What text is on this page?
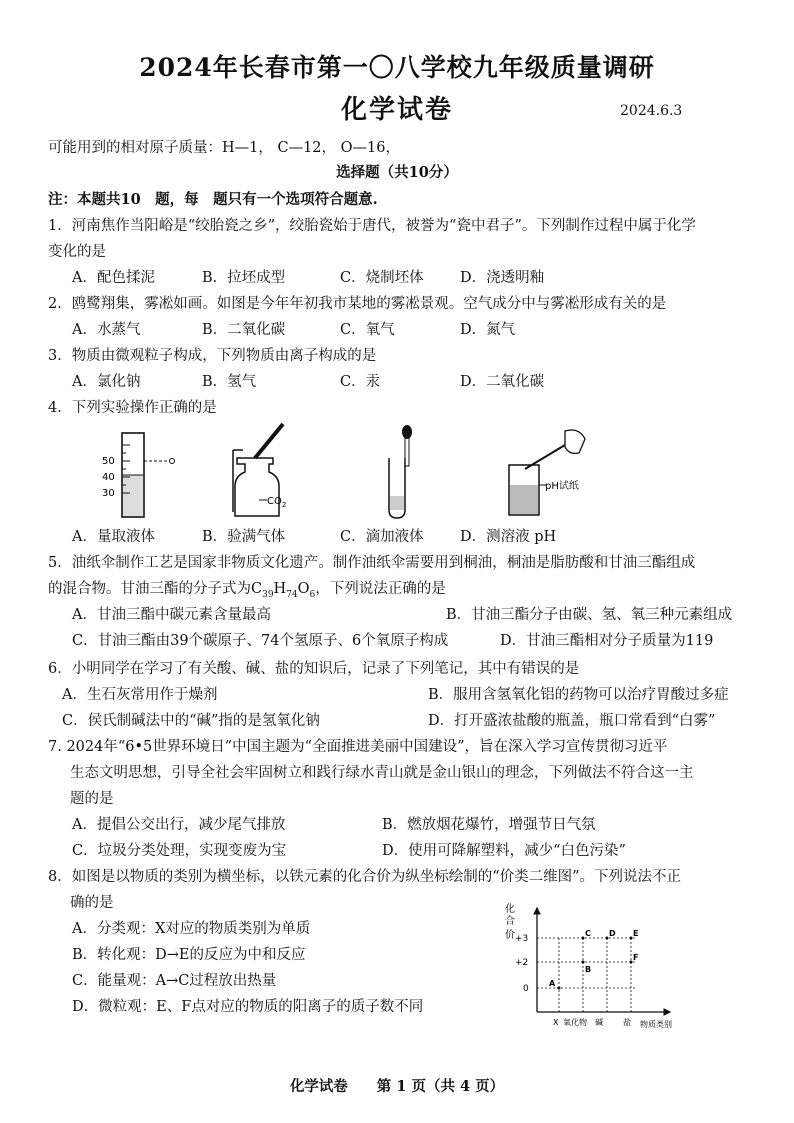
2024年长春市第一〇八学校九年级质量调研
化学试卷	2024.6.3
可能用到的相对原子质量：H—1， C—12， O—16，
选择题（共10分）
注：本题共10　题，每　题只有一个选项符合题意.
1．河南焦作当阳峪是“绞胎瓷之乡”，绞胎瓷始于唐代，被誉为“瓷中君子”。下列制作过程中属于化学
变化的是
A．配色揉泥	B．拉坯成型	C．烧制坯体	D．浇透明釉
2．鸥鹭翔集，雾凇如画。如图是今年年初我市某地的雾凇景观。空气成分中与雾凇形成有关的是
A．水蒸气	B．二氧化碳	C．氧气	D．氮气
3．物质由微观粒子构成，下列物质由离子构成的是
A．氯化钠	B．氢气	C．汞	D．二氧化碳
4．下列实验操作正确的是
50
40
30
$CO_2$
pH试纸
A．量取液体	B．验满气体	C．滴加液体	D．测溶液 pH
5．油纸伞制作工艺是国家非物质文化遗产。制作油纸伞需要用到桐油，桐油是脂肪酸和甘油三酯组成
的混合物。甘油三酯的分子式为$C_{39}H_{74}O_6$，下列说法正确的是
A．甘油三酯中碳元素含量最高	B．甘油三酯分子由碳、氢、氧三种元素组成
C．甘油三酯由39个碳原子、74个氢原子、6个氧原子构成	D．甘油三酯相对分子质量为119
6．小明同学在学习了有关酸、碱、盐的知识后，记录了下列笔记，其中有错误的是
A．生石灰常用作于燥剂	B．服用含氢氧化铝的药物可以治疗胃酸过多症
C．侯氏制碱法中的“碱”指的是氢氧化钠	D．打开盛浓盐酸的瓶盖，瓶口常看到“白雾”
7. 2024年“6•5世界环境日”中国主题为“全面推进美丽中国建设”，旨在深入学习宣传贯彻习近平
生态文明思想，引导全社会牢固树立和践行绿水青山就是金山银山的理念，下列做法不符合这一主
题的是
A．提倡公交出行，减少尾气排放	B．燃放烟花爆竹，增强节日气氛
C．垃圾分类处理，实现变废为宝	D．使用可降解塑料，减少“白色污染”
8．如图是以物质的类别为横坐标，以铁元素的化合价为纵坐标绘制的“价类二维图”。下列说法不正
确的是
A．分类观：X对应的物质类别为单质
B．转化观：D→E的反应为中和反应
C．能量观：A→C过程放出热量
D．微粒观：E、F点对应的物质的阳离子的质子数不同
化
合
价 +3
+2
0
X 氧化物 碱	盐 物质类别
A
B
C D E
F
化学试卷　　第 1 页（共 4 页）
